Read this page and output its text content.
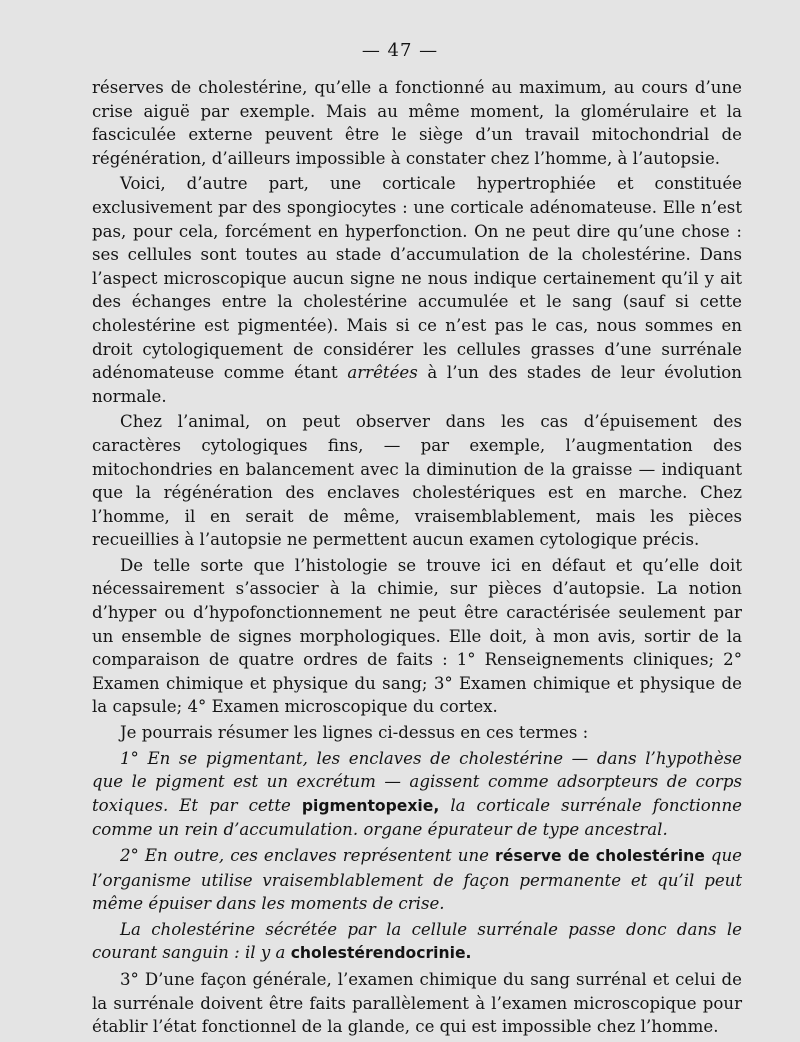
— 47 —

réserves de cholestérine, qu’elle a fonctionné au maximum, au cours d’une crise aiguë par exemple. Mais au même moment, la glomérulaire et la fasciculée externe peuvent être le siège d’un travail mitochondrial de régénération, d’ailleurs impossible à constater chez l’homme, à l’autopsie.

Voici, d’autre part, une corticale hypertrophiée et constituée exclusivement par des spongiocytes : une corticale adénomateuse. Elle n’est pas, pour cela, forcément en hyperfonction. On ne peut dire qu’une chose : ses cellules sont toutes au stade d’accumulation de la cholestérine. Dans l’aspect microscopique aucun signe ne nous indique certainement qu’il y ait des échanges entre la cholestérine accumulée et le sang (sauf si cette cholestérine est pigmentée). Mais si ce n’est pas le cas, nous sommes en droit cytologiquement de considérer les cellules grasses d’une surrénale adénomateuse comme étant arrêtées à l’un des stades de leur évolution normale.

Chez l’animal, on peut observer dans les cas d’épuisement des caractères cytologiques fins, — par exemple, l’augmentation des mitochondries en balancement avec la diminution de la graisse — indiquant que la régénération des enclaves cholestériques est en marche. Chez l’homme, il en serait de même, vraisemblablement, mais les pièces recueillies à l’autopsie ne permettent aucun examen cytologique précis.

De telle sorte que l’histologie se trouve ici en défaut et qu’elle doit nécessairement s’associer à la chimie, sur pièces d’autopsie. La notion d’hyper ou d’hypofonctionnement ne peut être caractérisée seulement par un ensemble de signes morphologiques. Elle doit, à mon avis, sortir de la comparaison de quatre ordres de faits : 1° Renseignements cliniques; 2° Examen chimique et physique du sang; 3° Examen chimique et physique de la capsule; 4° Examen microscopique du cortex.

Je pourrais résumer les lignes ci-dessus en ces termes :

1° En se pigmentant, les enclaves de cholestérine — dans l’hypothèse que le pigment est un excrétum — agissent comme adsorpteurs de corps toxiques. Et par cette pigmentopexie, la corticale surrénale fonctionne comme un rein d’accumulation. organe épurateur de type ancestral.

2° En outre, ces enclaves représentent une réserve de cholestérine que l’organisme utilise vraisemblablement de façon permanente et qu’il peut même épuiser dans les moments de crise.

La cholestérine sécrétée par la cellule surrénale passe donc dans le courant sanguin : il y a cholestérendocrinie.

3° D’une façon générale, l’examen chimique du sang surrénal et celui de la surrénale doivent être faits parallèlement à l’examen microscopique pour établir l’état fonctionnel de la glande, ce qui est impossible chez l’homme.
